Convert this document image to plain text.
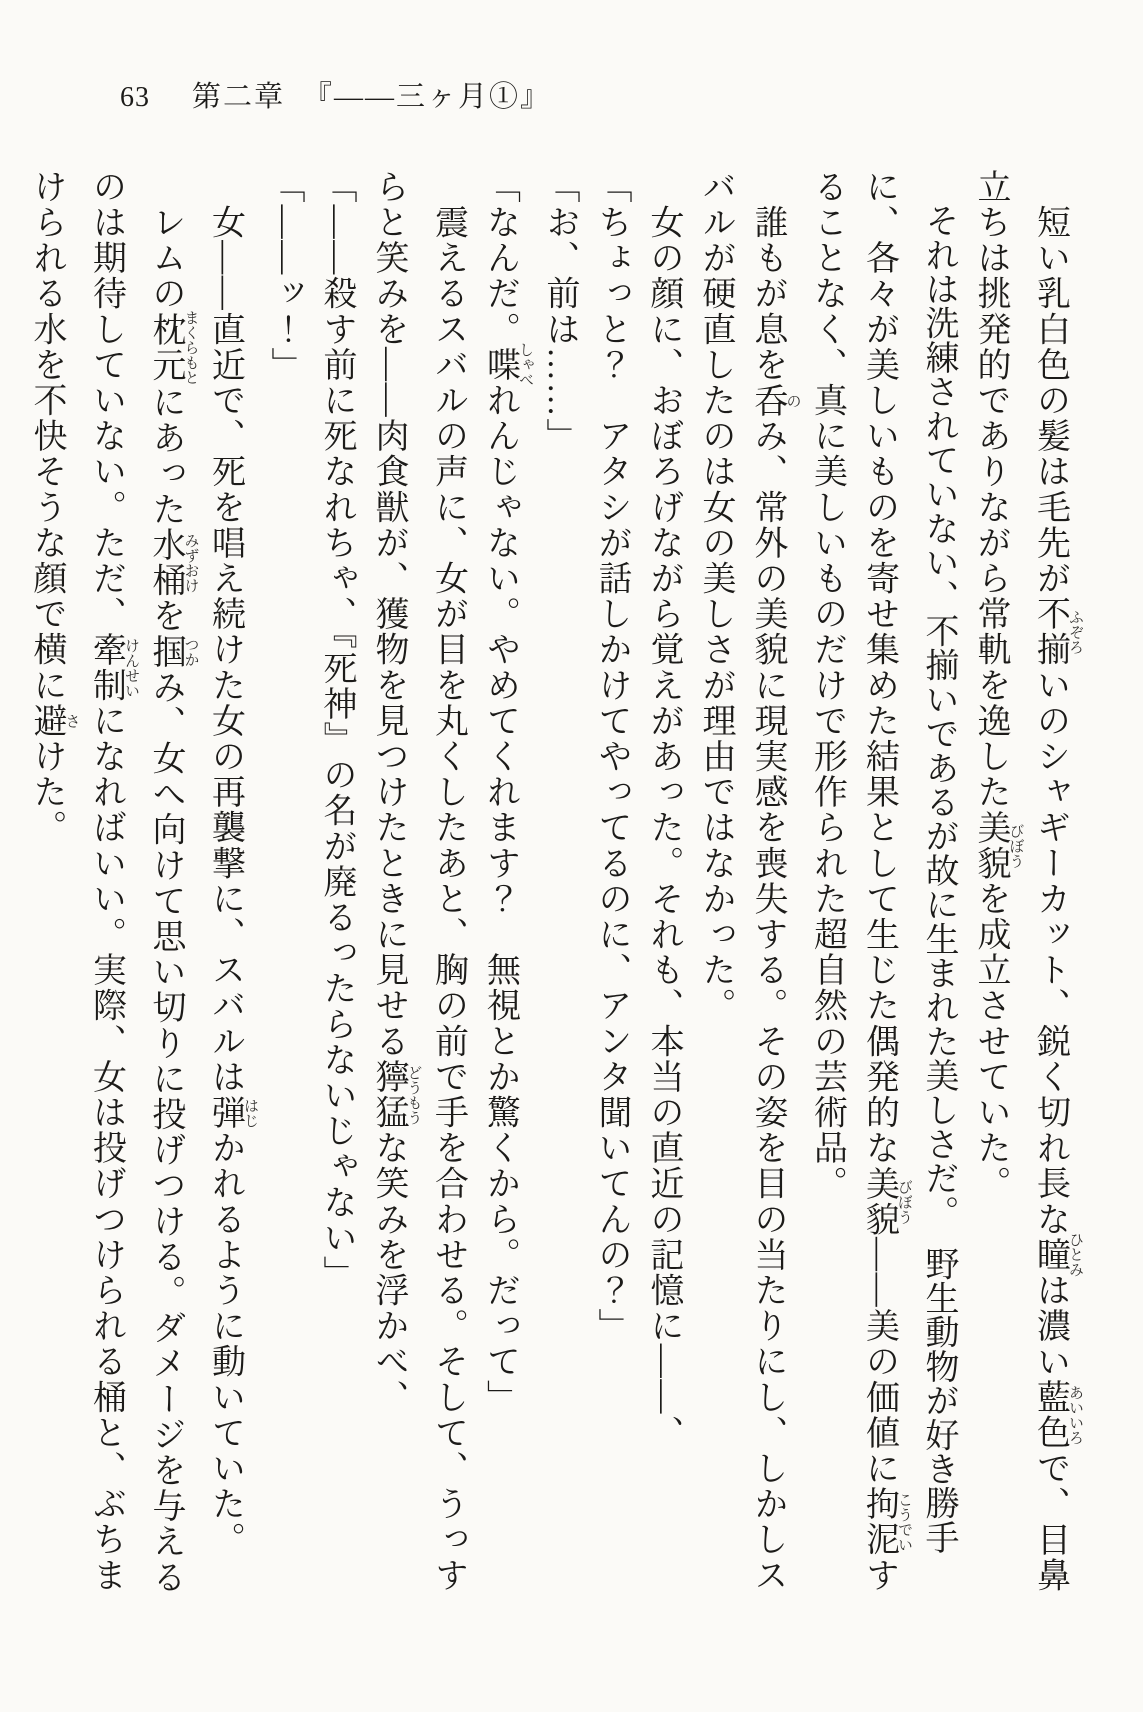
63 第二章 『——三ヶ月①』
　短い乳白色の髪は毛先が不揃ふぞろいのシャギーカット、鋭く切れ長な瞳ひとみは濃い藍色あいいろで、目鼻
立ちは挑発的でありながら常軌を逸した美貌びぼうを成立させていた。
　それは洗練されていない、不揃いであるが故に生まれた美しさだ。　野生動物が好き勝手
に、各々が美しいものを寄せ集めた結果として生じた偶発的な美貌びぼう——美の価値に拘泥こうでいす
ることなく、真に美しいものだけで形作られた超自然の芸術品。
　誰もが息を呑のみ、常外の美貌に現実感を喪失する。その姿を目の当たりにし、しかしス
バルが硬直したのは女の美しさが理由ではなかった。
　女の顔に、おぼろげながら覚えがあった。それも、本当の直近の記憶に——、
「ちょっと？　アタシが話しかけてやってるのに、アンタ聞いてんの？」
「お、前は……」
「なんだ。喋しゃべれんじゃない。やめてくれます？　無視とか驚くから。だって」
　震えるスバルの声に、女が目を丸くしたあと、胸の前で手を合わせる。そして、うっす
らと笑みを——肉食獣が、獲物を見つけたときに見せる獰猛どうもうな笑みを浮かべ、
「——殺す前に死なれちゃ、『死神』の名が廃るったらないじゃない」
「——ッ！」
　女——直近で、死を唱え続けた女の再襲撃に、スバルは弾はじかれるように動いていた。
　レムの枕元まくらもとにあった水桶みずおけを掴つかみ、女へ向けて思い切りに投げつける。ダメージを与える
のは期待していない。ただ、牽制けんせいになればいい。実際、女は投げつけられる桶と、ぶちま
けられる水を不快そうな顔で横に避さけた。
